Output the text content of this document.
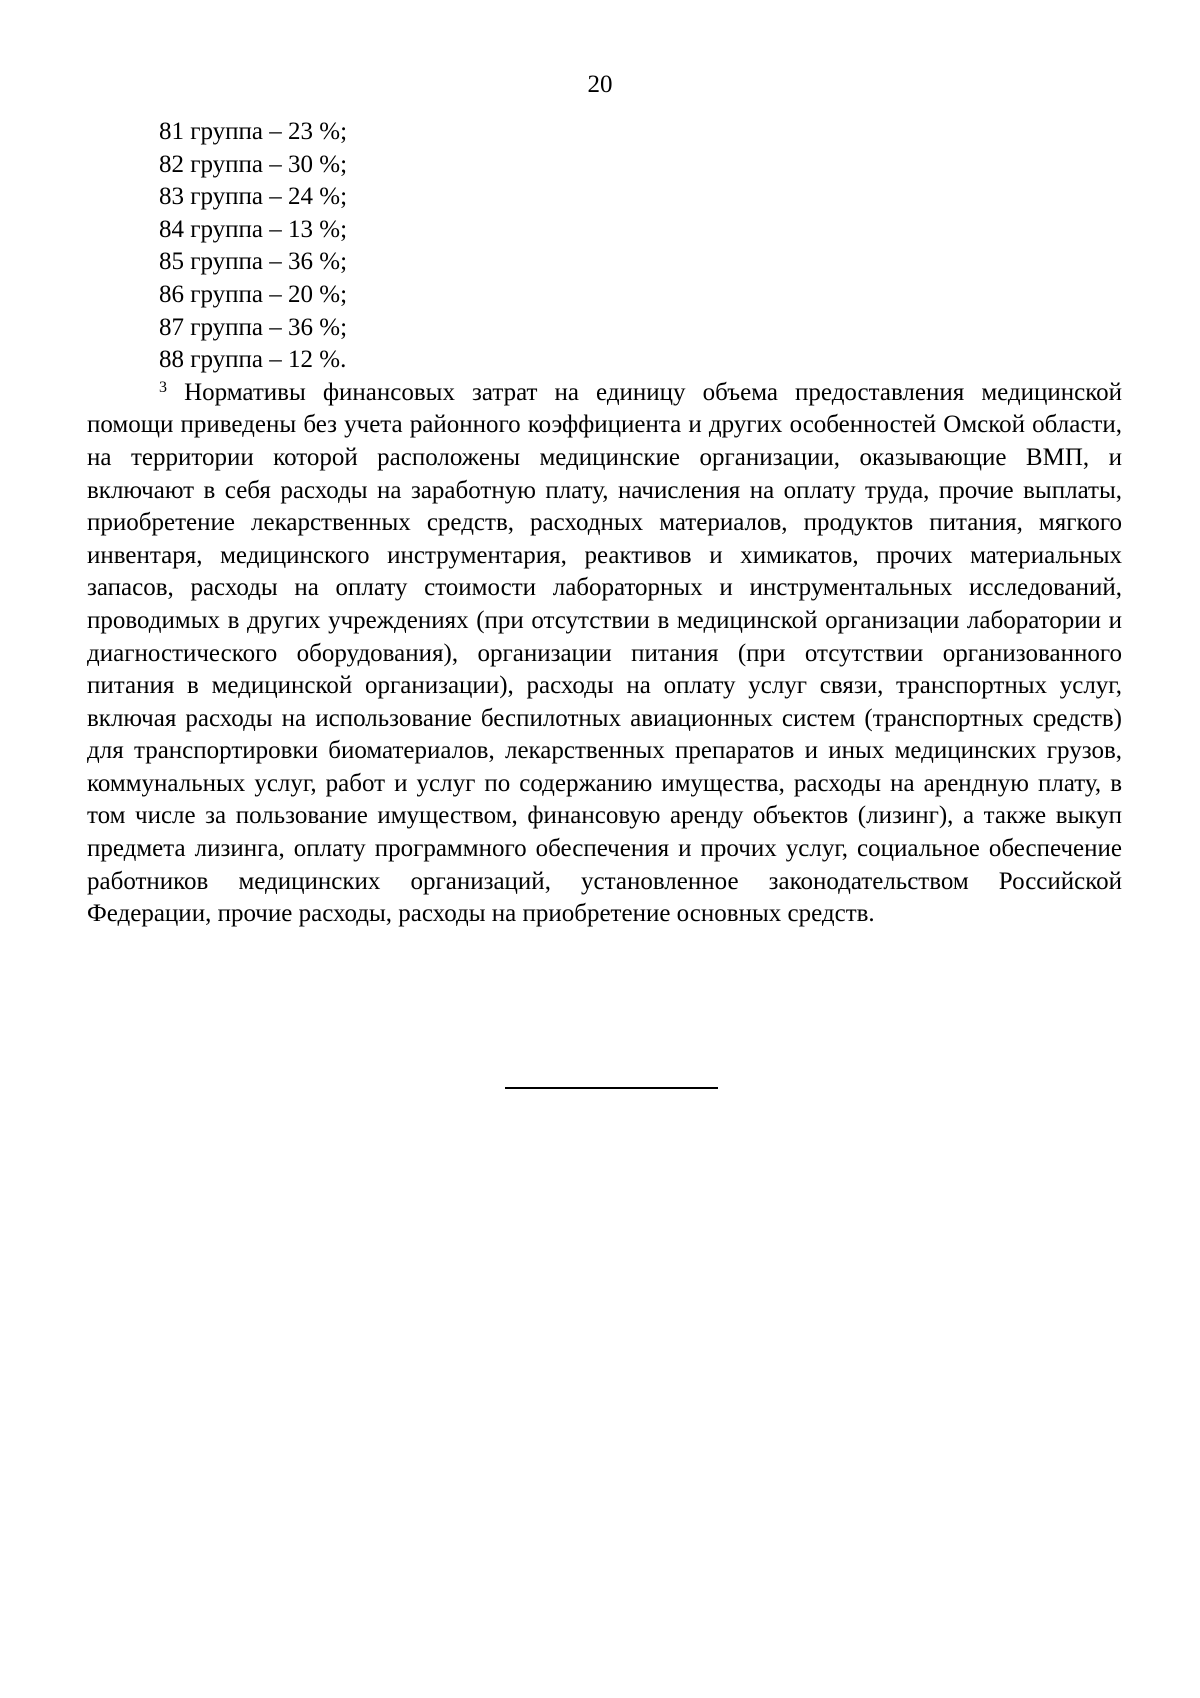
20
81 группа – 23 %;
82 группа – 30 %;
83 группа – 24 %;
84 группа – 13 %;
85 группа – 36 %;
86 группа – 20 %;
87 группа – 36 %;
88 группа – 12 %.

$^3$ Нормативы финансовых затрат на единицу объема предоставления медицинской помощи приведены без учета районного коэффициента и других особенностей Омской области, на территории которой расположены медицинские организации, оказывающие ВМП, и включают в себя расходы на заработную плату, начисления на оплату труда, прочие выплаты, приобретение лекарственных средств, расходных материалов, продуктов питания, мягкого инвентаря, медицинского инструментария, реактивов и химикатов, прочих материальных запасов, расходы на оплату стоимости лабораторных и инструментальных исследований, проводимых в других учреждениях (при отсутствии в медицинской организации лаборатории и диагностического оборудования), организации питания (при отсутствии организованного питания в медицинской организации), расходы на оплату услуг связи, транспортных услуг, включая расходы на использование беспилотных авиационных систем (транспортных средств) для транспортировки биоматериалов, лекарственных препаратов и иных медицинских грузов, коммунальных услуг, работ и услуг по содержанию имущества, расходы на арендную плату, в том числе за пользование имуществом, финансовую аренду объектов (лизинг), а также выкуп предмета лизинга, оплату программного обеспечения и прочих услуг, социальное обеспечение работников медицинских организаций, установленное законодательством Российской Федерации, прочие расходы, расходы на приобретение основных средств.
